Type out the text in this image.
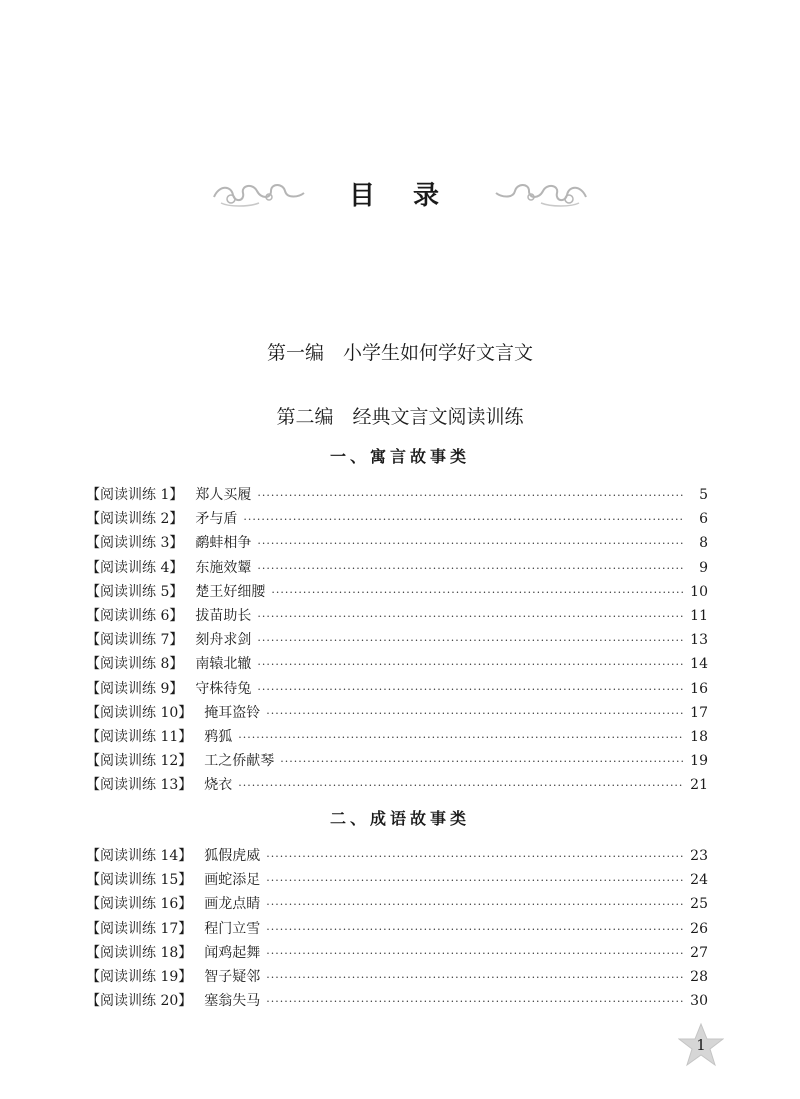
目录
第一编　小学生如何学好文言文
第二编　经典文言文阅读训练
一、寓言故事类
【阅读训练 1】 郑人买履 ·····	5
【阅读训练 2】 矛与盾 ·····	6
【阅读训练 3】 鹬蚌相争 ·····	8
【阅读训练 4】 东施效颦 ·····	9
【阅读训练 5】 楚王好细腰 ·····	10
【阅读训练 6】 拔苗助长 ·····	11
【阅读训练 7】 刻舟求剑 ·····	13
【阅读训练 8】 南辕北辙 ·····	14
【阅读训练 9】 守株待兔 ·····	16
【阅读训练 10】 掩耳盗铃 ·····	17
【阅读训练 11】 鸦狐 ·····	18
【阅读训练 12】 工之侨献琴 ·····	19
【阅读训练 13】 烧衣 ·····	21
二、成语故事类
【阅读训练 14】 狐假虎威 ·····	23
【阅读训练 15】 画蛇添足 ·····	24
【阅读训练 16】 画龙点睛 ·····	25
【阅读训练 17】 程门立雪 ·····	26
【阅读训练 18】 闻鸡起舞 ·····	27
【阅读训练 19】 智子疑邻 ·····	28
【阅读训练 20】 塞翁失马 ·····	30
1
